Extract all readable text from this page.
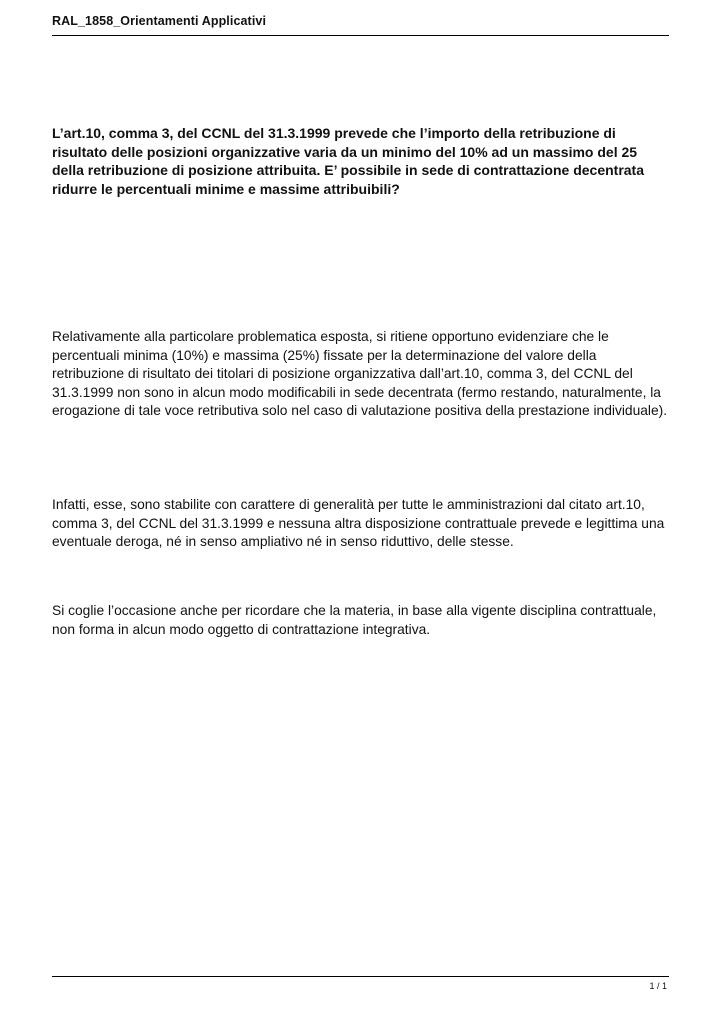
RAL_1858_Orientamenti Applicativi
L’art.10, comma 3, del CCNL del 31.3.1999 prevede che l’importo della retribuzione di risultato delle posizioni organizzative varia da un minimo del 10% ad un massimo del 25 della retribuzione di posizione attribuita. E’ possibile in sede di contrattazione decentrata ridurre le percentuali minime e massime attribuibili?
Relativamente alla particolare problematica esposta, si ritiene opportuno evidenziare che le percentuali minima (10%) e massima (25%) fissate per la determinazione del valore della retribuzione di risultato dei titolari di posizione organizzativa dall’art.10, comma 3, del CCNL del 31.3.1999 non sono in alcun modo modificabili in sede decentrata (fermo restando, naturalmente, la erogazione di tale voce retributiva solo nel caso di valutazione positiva della prestazione individuale).
Infatti, esse, sono stabilite con carattere di generalità per tutte le amministrazioni dal citato art.10, comma 3, del CCNL del 31.3.1999 e nessuna altra disposizione contrattuale prevede e legittima una eventuale deroga, né in senso ampliativo né in senso riduttivo, delle stesse.
Si coglie l’occasione anche per ricordare che la materia, in base alla vigente disciplina contrattuale, non forma in alcun modo oggetto di contrattazione integrativa.
1 / 1
